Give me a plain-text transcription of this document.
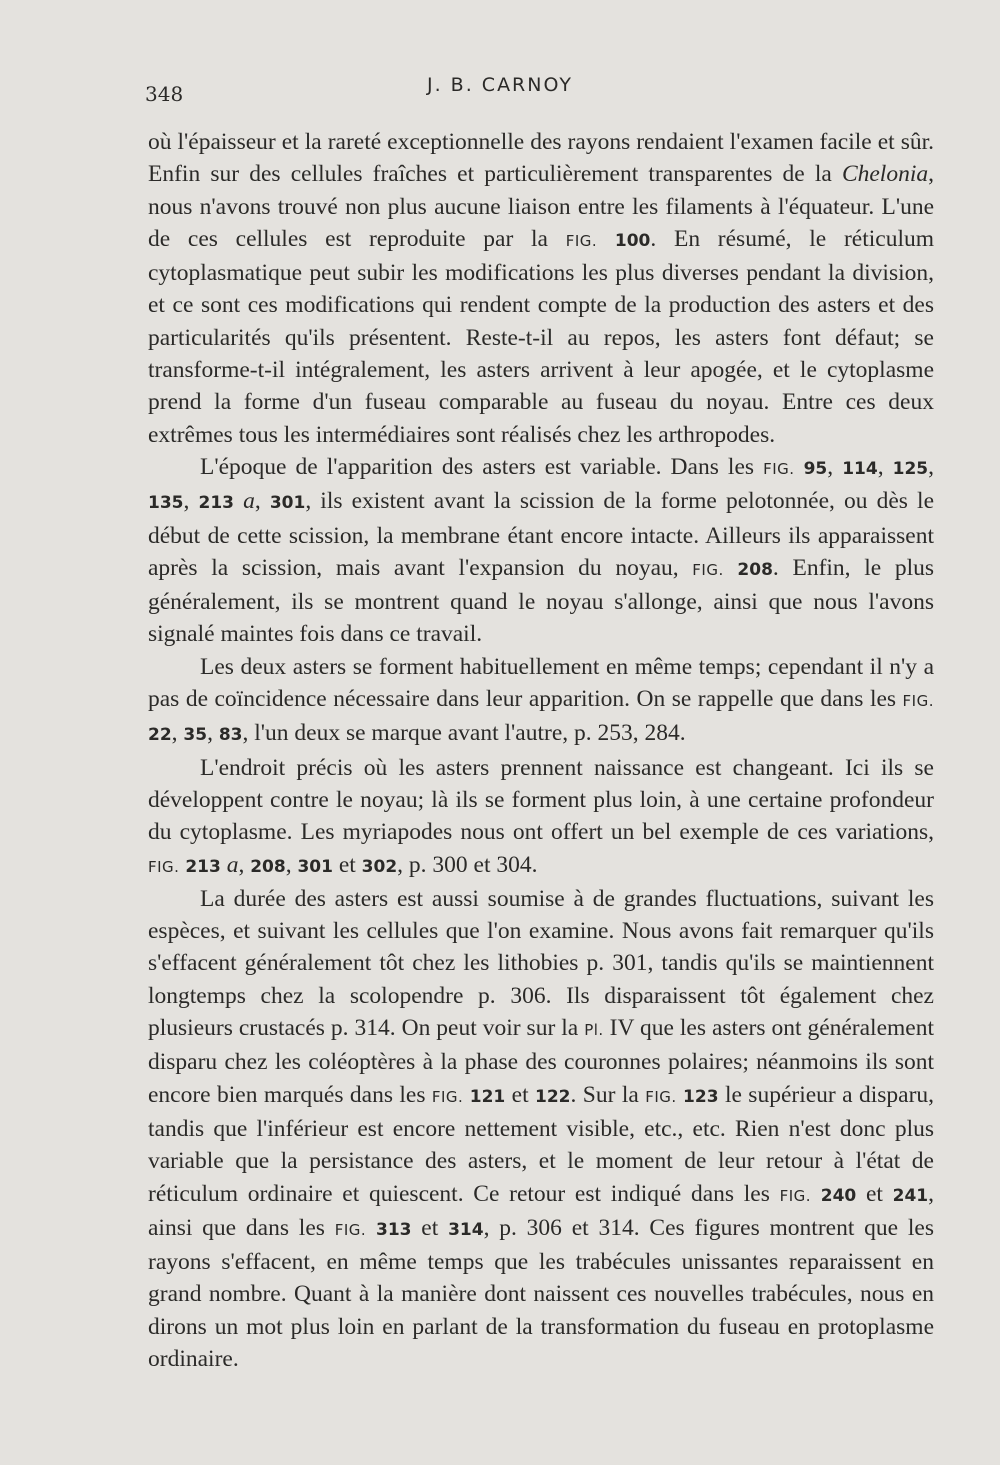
348	J. B. CARNOY

où l'épaisseur et la rareté exceptionnelle des rayons rendaient l'examen facile et sûr. Enfin sur des cellules fraîches et particulièrement transparentes de la Chelonia, nous n'avons trouvé non plus aucune liaison entre les filaments à l'équateur. L'une de ces cellules est reproduite par la FIG. 100. En résumé, le réticulum cytoplasmatique peut subir les modifications les plus diverses pendant la division, et ce sont ces modifications qui rendent compte de la production des asters et des particularités qu'ils présentent. Reste-t-il au repos, les asters font défaut; se transforme-t-il intégralement, les asters arrivent à leur apogée, et le cytoplasme prend la forme d'un fuseau comparable au fuseau du noyau. Entre ces deux extrêmes tous les intermédiaires sont réalisés chez les arthropodes.

L'époque de l'apparition des asters est variable. Dans les FIG. 95, 114, 125, 135, 213 a, 301, ils existent avant la scission de la forme pelotonnée, ou dès le début de cette scission, la membrane étant encore intacte. Ailleurs ils apparaissent après la scission, mais avant l'expansion du noyau, FIG. 208. Enfin, le plus généralement, ils se montrent quand le noyau s'allonge, ainsi que nous l'avons signalé maintes fois dans ce travail.

Les deux asters se forment habituellement en même temps; cependant il n'y a pas de coïncidence nécessaire dans leur apparition. On se rappelle que dans les FIG. 22, 35, 83, l'un deux se marque avant l'autre, p. 253, 284.

L'endroit précis où les asters prennent naissance est changeant. Ici ils se développent contre le noyau; là ils se forment plus loin, à une certaine profondeur du cytoplasme. Les myriapodes nous ont offert un bel exemple de ces variations, FIG. 213 a, 208, 301 et 302, p. 300 et 304.

La durée des asters est aussi soumise à de grandes fluctuations, suivant les espèces, et suivant les cellules que l'on examine. Nous avons fait remarquer qu'ils s'effacent généralement tôt chez les lithobies p. 301, tandis qu'ils se maintiennent longtemps chez la scolopendre p. 306. Ils disparaissent tôt également chez plusieurs crustacés p. 314. On peut voir sur la Pl. IV que les asters ont généralement disparu chez les coléoptères à la phase des couronnes polaires; néanmoins ils sont encore bien marqués dans les FIG. 121 et 122. Sur la FIG. 123 le supérieur a disparu, tandis que l'inférieur est encore nettement visible, etc., etc. Rien n'est donc plus variable que la persistance des asters, et le moment de leur retour à l'état de réticulum ordinaire et quiescent. Ce retour est indiqué dans les FIG. 240 et 241, ainsi que dans les FIG. 313 et 314, p. 306 et 314. Ces figures montrent que les rayons s'effacent, en même temps que les trabécules unissantes reparaissent en grand nombre. Quant à la manière dont naissent ces nouvelles trabécules, nous en dirons un mot plus loin en parlant de la transformation du fuseau en protoplasme ordinaire.
